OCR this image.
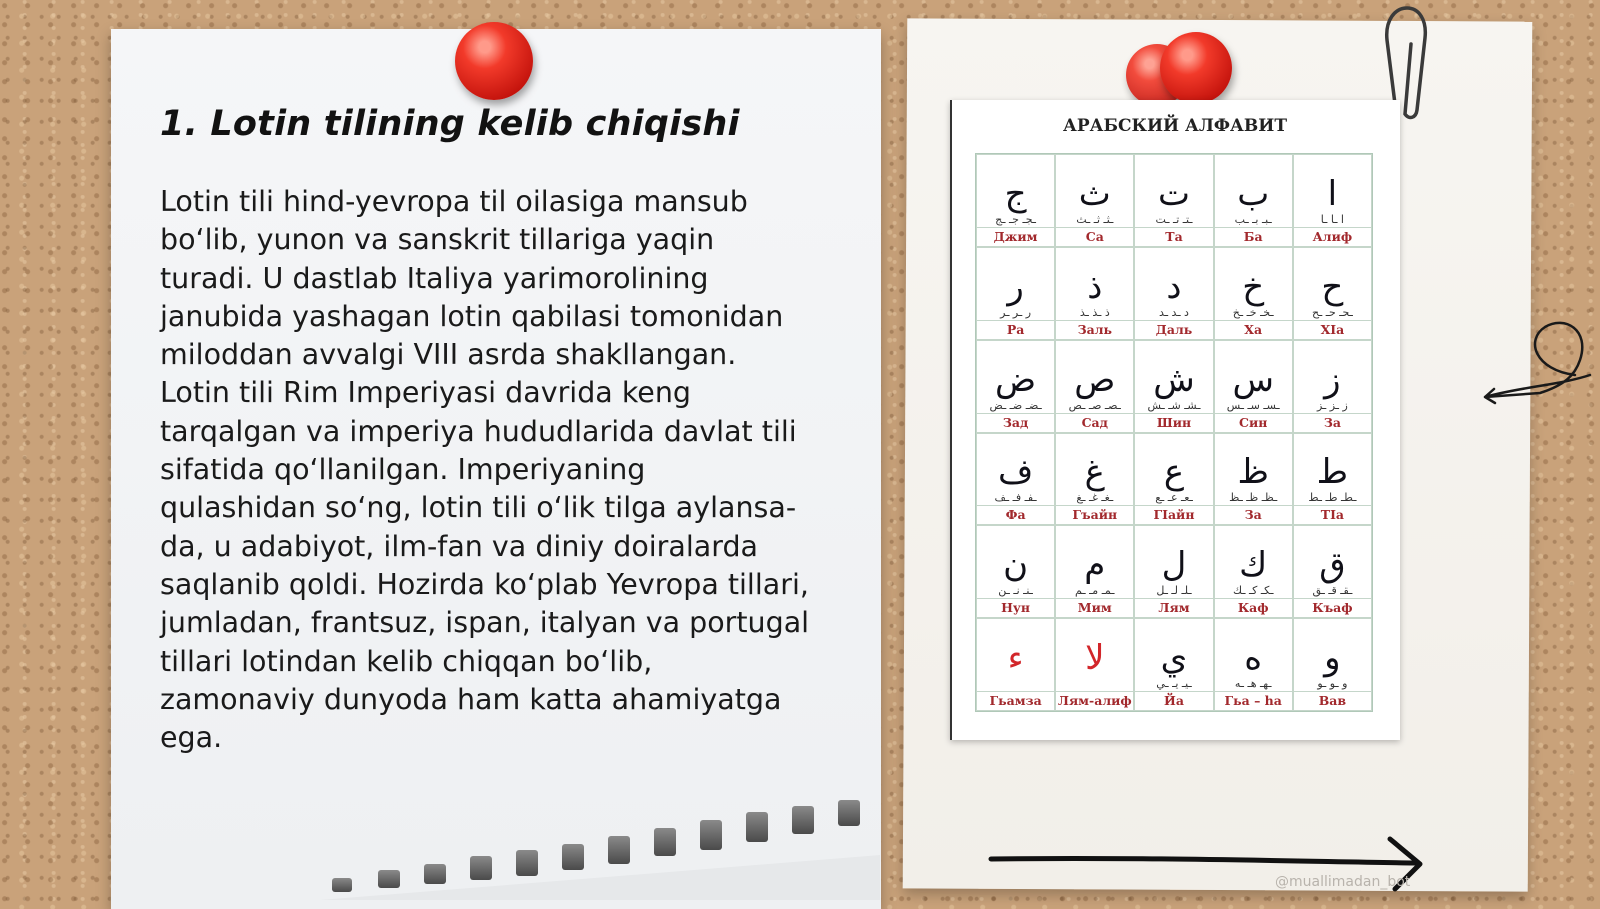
1. Lotin tilining kelib chiqishi

Lotin tili hind-yevropa til oilasiga mansub
bo‘lib, yunon va sanskrit tillariga yaqin
turadi. U dastlab Italiya yarimorolining
janubida yashagan lotin qabilasi tomonidan
miloddan avvalgi VIII asrda shakllangan.
Lotin tili Rim Imperiyasi davrida keng
tarqalgan va imperiya hududlarida davlat tili
sifatida qo‘llanilgan. Imperiyaning
qulashidan so‘ng, lotin tili o‘lik tilga aylansa-
da, u adabiyot, ilm-fan va diniy doiralarda
saqlanib qoldi. Hozirda ko‘plab Yevropa tillari,
jumladan, frantsuz, ispan, italyan va portugal
tillari lotindan kelib chiqqan bo‘lib,
zamonaviy dunyoda ham katta ahamiyatga
ega.

АРАБСКИЙ АЛФАВИТ
ج
ـجـ جـ ـج
Джим
ث
ـثـ ثـ ـث
Са
ت
ـتـ تـ ـت
Та
ب
ـبـ بـ ـب
Ба
ا
ا ـا ـا
Алиф
ر
ر ـر ـر
Ра
ذ
ذ ـذ ـذ
Заль
د
د ـد ـد
Даль
خ
ـخـ خـ ـخ
Ха
ح
ـحـ حـ ـح
ХІа
ض
ـضـ ضـ ـض
Зад
ص
ـصـ صـ ـص
Сад
ش
ـشـ شـ ـش
Шин
س
ـسـ سـ ـس
Син
ز
ز ـز ـز
За
ف
ـفـ فـ ـف
Фа
غ
ـغـ غـ ـغ
Гъайн
ع
ـعـ عـ ـع
ГІайн
ظ
ـظـ ظـ ـظ
За
ط
ـطـ طـ ـط
ТІа
ن
ـنـ نـ ـن
Нун
م
ـمـ مـ ـم
Мим
ل
ـلـ لـ ـل
Лям
ك
ـكـ كـ ـك
Каф
ق
ـقـ قـ ـق
Къаф
ء
Гьамза
لا
Лям-алиф
ي
ـيـ يـ ـي
Йа
ه
ـهـ هـ ـه
Гьа – ha
و
و ـو ـو
Вав
@muallimadan_bot
